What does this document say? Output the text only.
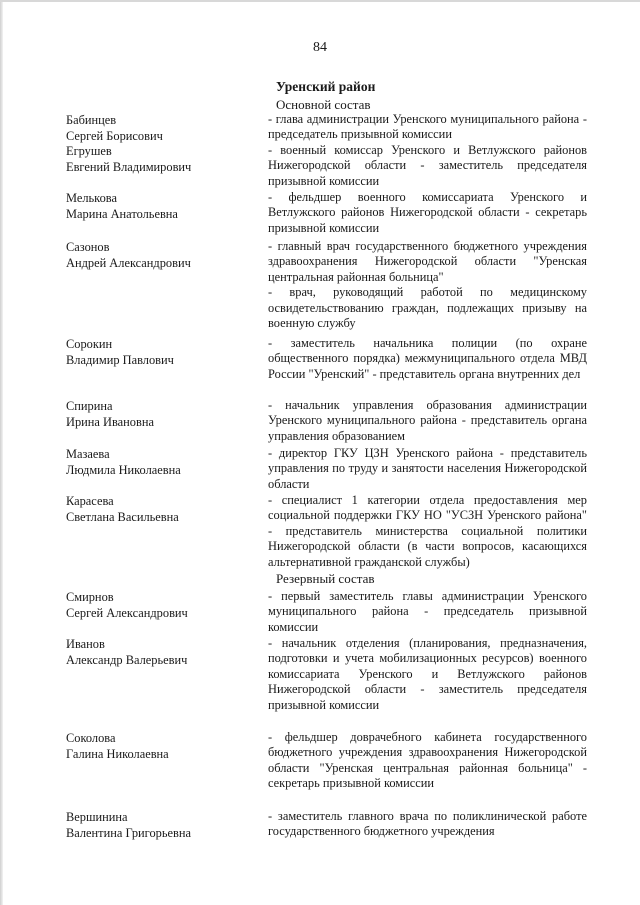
84
Уренский район
Основной состав
Бабинцев
Сергей Борисович

- глава администрации Уренского муниципального района - председатель призывной комиссии

Егрушев
Евгений Владимирович

- военный комиссар Уренского и Ветлужского районов Нижегородской области - заместитель председателя призывной комиссии

Мелькова
Марина Анатольевна

- фельдшер военного комиссариата Уренского и Ветлужского районов Нижегородской области - секретарь призывной комиссии

Сазонов
Андрей Александрович

- главный врач государственного бюджетного учреждения здравоохранения Нижегородской области "Уренская центральная районная больница"

- врач, руководящий работой по медицинскому освидетельствованию граждан, подлежащих призыву на военную службу

Сорокин
Владимир Павлович

- заместитель начальника полиции (по охране общественного порядка) межмуниципального отдела МВД России "Уренский" - представитель органа внутренних дел

Спирина
Ирина Ивановна

- начальник управления образования администрации Уренского муниципального района - представитель органа управления образованием

Мазаева
Людмила Николаевна

- директор ГКУ ЦЗН Уренского района - представитель управления по труду и занятости населения Нижегородской области

Карасева
Светлана Васильевна

- специалист 1 категории отдела предоставления мер социальной поддержки ГКУ НО "УСЗН Уренского района" - представитель министерства социальной политики Нижегородской области (в части вопросов, касающихся альтернативной гражданской службы)

Резервный состав
Смирнов
Сергей Александрович

- первый заместитель главы администрации Уренского муниципального района - председатель призывной комиссии

Иванов
Александр Валерьевич

- начальник отделения (планирования, предназначения, подготовки и учета мобилизационных ресурсов) военного комиссариата Уренского и Ветлужского районов Нижегородской области - заместитель председателя призывной комиссии

Соколова
Галина Николаевна

- фельдшер доврачебного кабинета государственного бюджетного учреждения здравоохранения Нижегородской области "Уренская центральная районная больница" - секретарь призывной комиссии

Вершинина
Валентина Григорьевна

- заместитель главного врача по поликлинической работе государственного бюджетного учреждения
